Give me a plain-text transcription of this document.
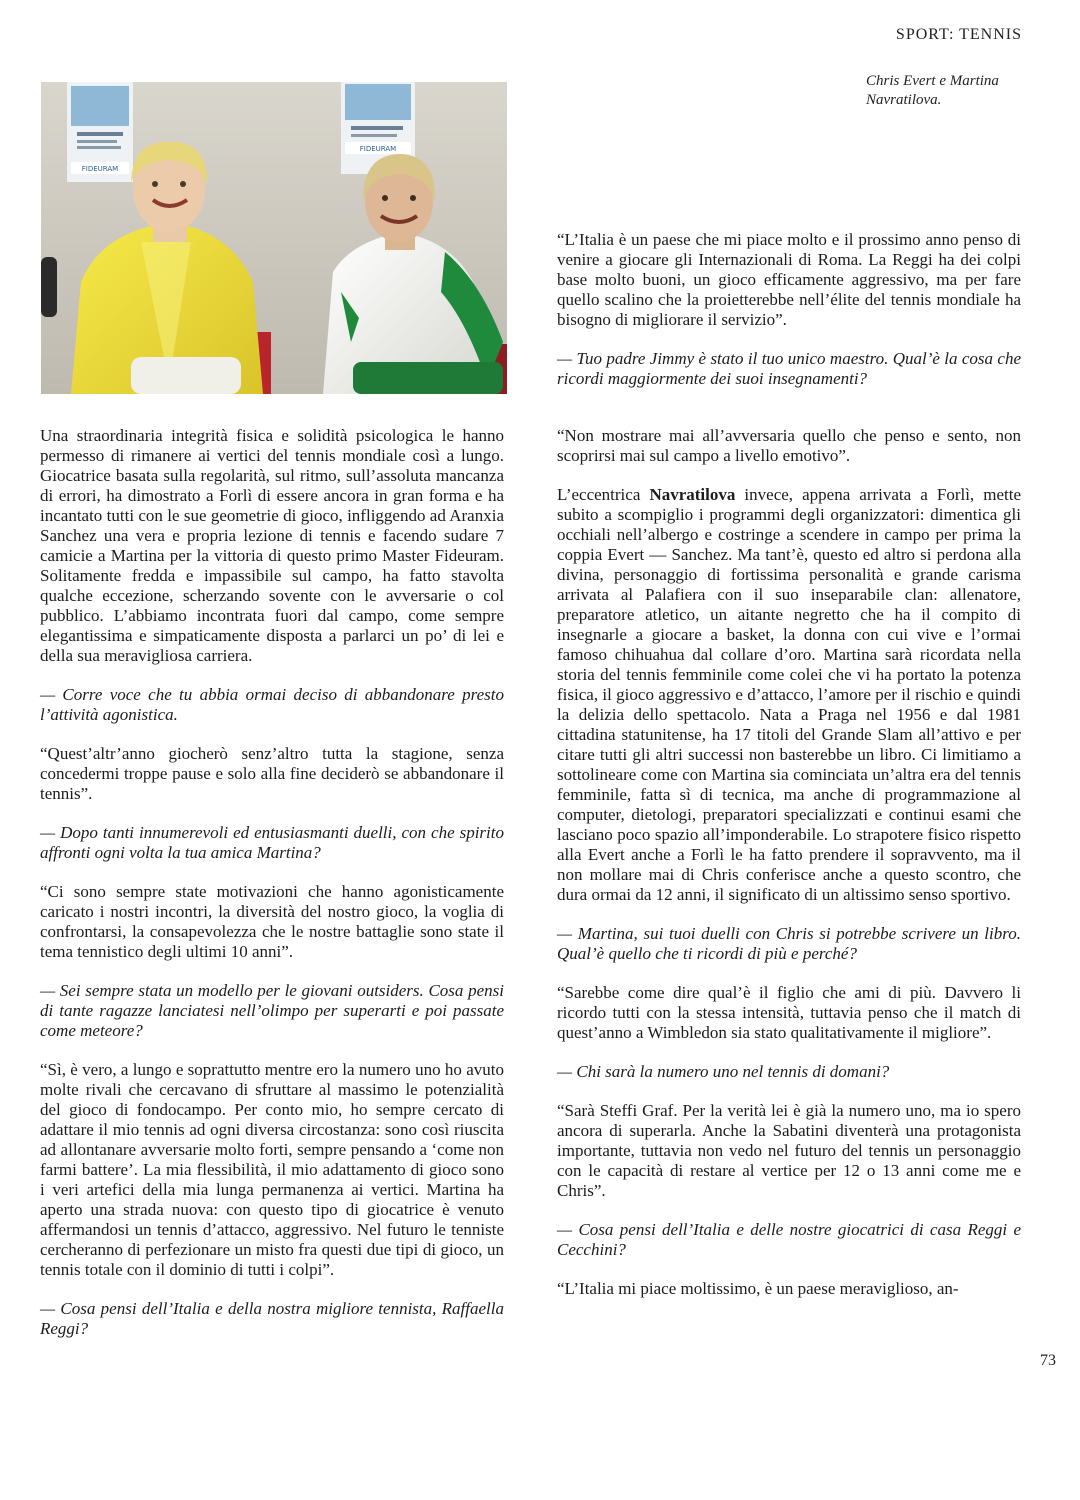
SPORT: TENNIS
Chris Evert e Martina
Navratilova.
FIDEURAM
FIDEURAM

Una straordinaria integrità fisica e solidità psicologica le hanno permesso di rimanere ai vertici del tennis mondiale così a lungo. Giocatrice basata sulla regolarità, sul ritmo, sull’assoluta mancanza di errori, ha dimostrato a Forlì di essere ancora in gran forma e ha incantato tutti con le sue geometrie di gioco, infliggendo ad Aranxia Sanchez una vera e propria lezione di tennis e facendo sudare 7 camicie a Martina per la vittoria di questo primo Master Fideuram. Solitamente fredda e impassibile sul campo, ha fatto stavolta qualche eccezione, scherzando sovente con le avversarie o col pubblico. L’abbiamo incontrata fuori dal campo, come sempre elegantissima e simpaticamente disposta a parlarci un po’ di lei e della sua meravigliosa carriera.

— Corre voce che tu abbia ormai deciso di abbandonare presto l’attività agonistica.

“Quest’altr’anno giocherò senz’altro tutta la stagione, senza concedermi troppe pause e solo alla fine deciderò se abbandonare il tennis”.

— Dopo tanti innumerevoli ed entusiasmanti duelli, con che spirito affronti ogni volta la tua amica Martina?

“Ci sono sempre state motivazioni che hanno agonisticamente caricato i nostri incontri, la diversità del nostro gioco, la voglia di confrontarsi, la consapevolezza che le nostre battaglie sono state il tema tennistico degli ultimi 10 anni”.

— Sei sempre stata un modello per le giovani outsiders. Cosa pensi di tante ragazze lanciatesi nell’olimpo per superarti e poi passate come meteore?

“Sì, è vero, a lungo e soprattutto mentre ero la numero uno ho avuto molte rivali che cercavano di sfruttare al massimo le potenzialità del gioco di fondocampo. Per conto mio, ho sempre cercato di adattare il mio tennis ad ogni diversa circostanza: sono così riuscita ad allontanare avversarie molto forti, sempre pensando a ‘come non farmi battere’. La mia flessibilità, il mio adattamento di gioco sono i veri artefici della mia lunga permanenza ai vertici. Martina ha aperto una strada nuova: con questo tipo di giocatrice è venuto affermandosi un tennis d’attacco, aggressivo. Nel futuro le tenniste cercheranno di perfezionare un misto fra questi due tipi di gioco, un tennis totale con il dominio di tutti i colpi”.

— Cosa pensi dell’Italia e della nostra migliore tennista, Raffaella Reggi?

“L’Italia è un paese che mi piace molto e il prossimo anno penso di venire a giocare gli Internazionali di Roma. La Reggi ha dei colpi base molto buoni, un gioco efficamente aggressivo, ma per fare quello scalino che la proietterebbe nell’élite del tennis mondiale ha bisogno di migliorare il servizio”.

— Tuo padre Jimmy è stato il tuo unico maestro. Qual’è la cosa che ricordi maggiormente dei suoi insegnamenti?

“Non mostrare mai all’avversaria quello che penso e sento, non scoprirsi mai sul campo a livello emotivo”.

L’eccentrica Navratilova invece, appena arrivata a Forlì, mette subito a scompiglio i programmi degli organizzatori: dimentica gli occhiali nell’albergo e costringe a scendere in campo per prima la coppia Evert — Sanchez. Ma tant’è, questo ed altro si perdona alla divina, personaggio di fortissima personalità e grande carisma arrivata al Palafiera con il suo inseparabile clan: allenatore, preparatore atletico, un aitante negretto che ha il compito di insegnarle a giocare a basket, la donna con cui vive e l’ormai famoso chihuahua dal collare d’oro. Martina sarà ricordata nella storia del tennis femminile come colei che vi ha portato la potenza fisica, il gioco aggressivo e d’attacco, l’amore per il rischio e quindi la delizia dello spettacolo. Nata a Praga nel 1956 e dal 1981 cittadina statunitense, ha 17 titoli del Grande Slam all’attivo e per citare tutti gli altri successi non basterebbe un libro. Ci limitiamo a sottolineare come con Martina sia cominciata un’altra era del tennis femminile, fatta sì di tecnica, ma anche di programmazione al computer, dietologi, preparatori specializzati e continui esami che lasciano poco spazio all’imponderabile. Lo strapotere fisico rispetto alla Evert anche a Forlì le ha fatto prendere il sopravvento, ma il non mollare mai di Chris conferisce anche a questo scontro, che dura ormai da 12 anni, il significato di un altissimo senso sportivo.

— Martina, sui tuoi duelli con Chris si potrebbe scrivere un libro. Qual’è quello che ti ricordi di più e perché?

“Sarebbe come dire qual’è il figlio che ami di più. Davvero li ricordo tutti con la stessa intensità, tuttavia penso che il match di quest’anno a Wimbledon sia stato qualitativamente il migliore”.

— Chi sarà la numero uno nel tennis di domani?

“Sarà Steffi Graf. Per la verità lei è già la numero uno, ma io spero ancora di superarla. Anche la Sabatini diventerà una protagonista importante, tuttavia non vedo nel futuro del tennis un personaggio con le capacità di restare al vertice per 12 o 13 anni come me e Chris”.

— Cosa pensi dell’Italia e delle nostre giocatrici di casa Reggi e Cecchini?

“L’Italia mi piace moltissimo, è un paese meraviglioso, an-

73
